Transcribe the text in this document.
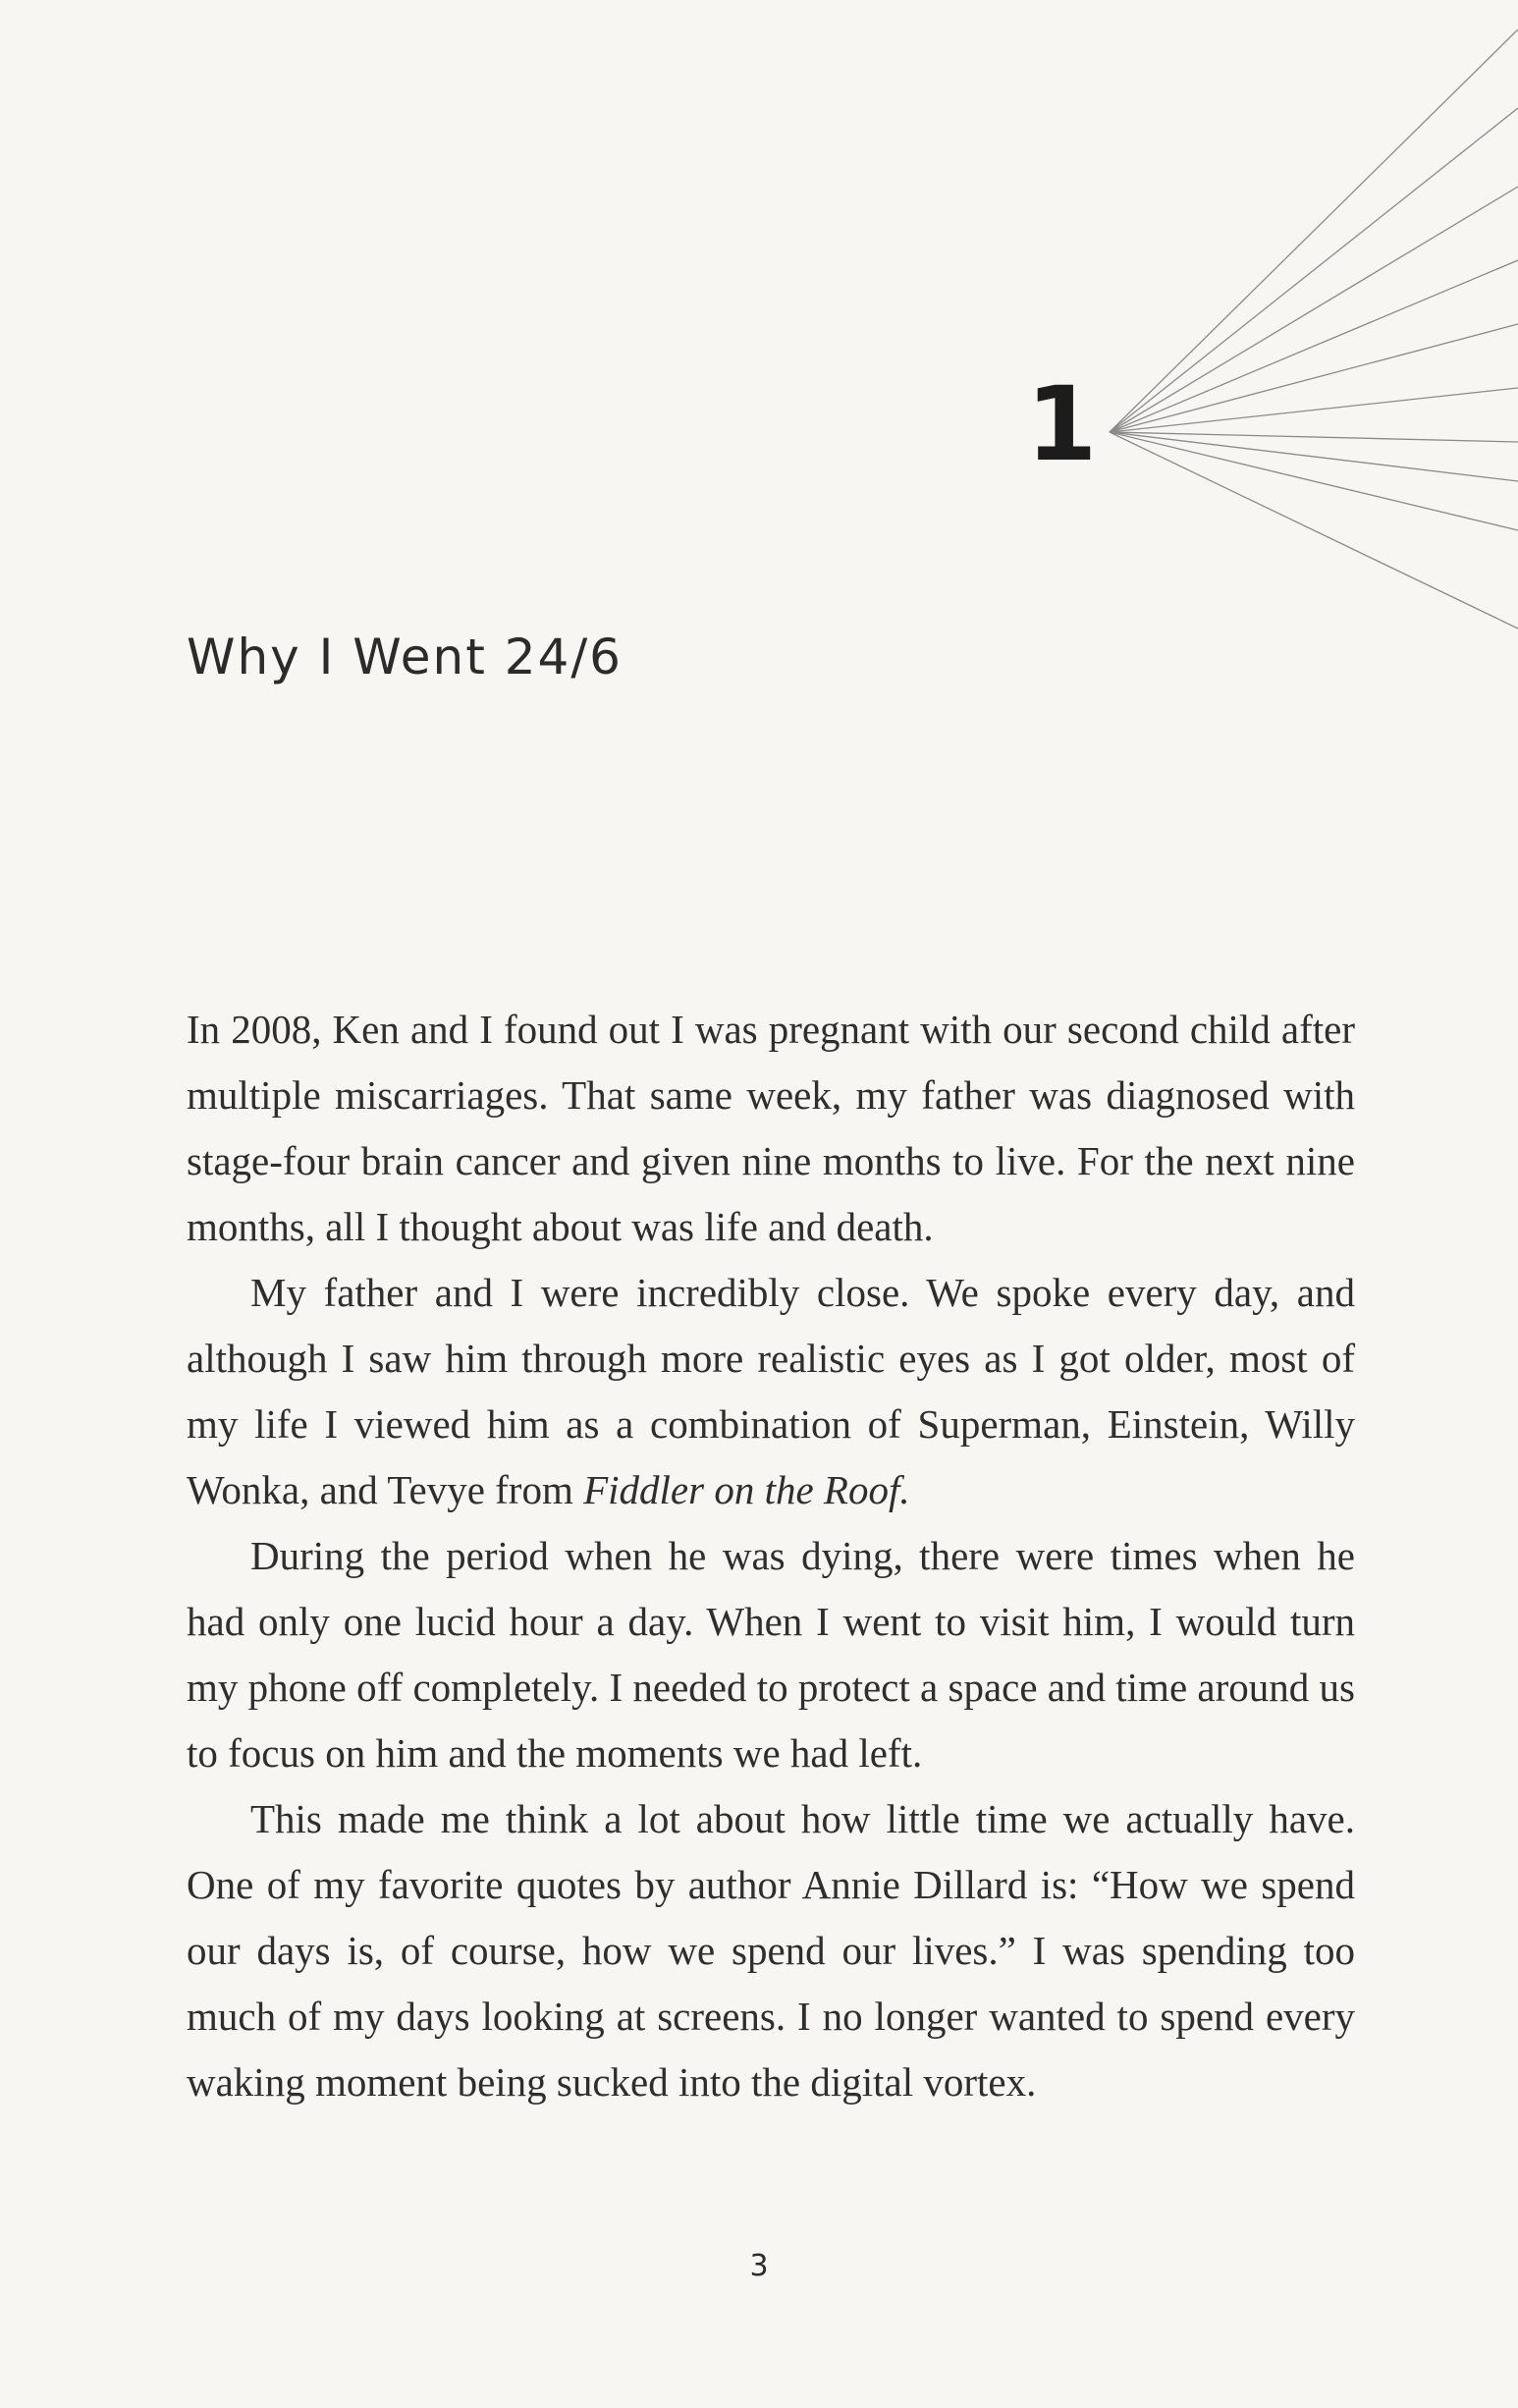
1
Why I Went 24/6

In 2008, Ken and I found out I was pregnant with our second child after multiple miscarriages. That same week, my father was diagnosed with stage-four brain cancer and given nine months to live. For the next nine months, all I thought about was life and death.

My father and I were incredibly close. We spoke every day, and although I saw him through more realistic eyes as I got older, most of my life I viewed him as a combination of Superman, Einstein, Willy Wonka, and Tevye from Fiddler on the Roof.

During the period when he was dying, there were times when he had only one lucid hour a day. When I went to visit him, I would turn my phone off completely. I needed to protect a space and time around us to focus on him and the moments we had left.

This made me think a lot about how little time we actually have. One of my favorite quotes by author Annie Dillard is: “How we spend our days is, of course, how we spend our lives.” I was spending too much of my days looking at screens. I no longer wanted to spend every waking moment being sucked into the digital vortex.

3
